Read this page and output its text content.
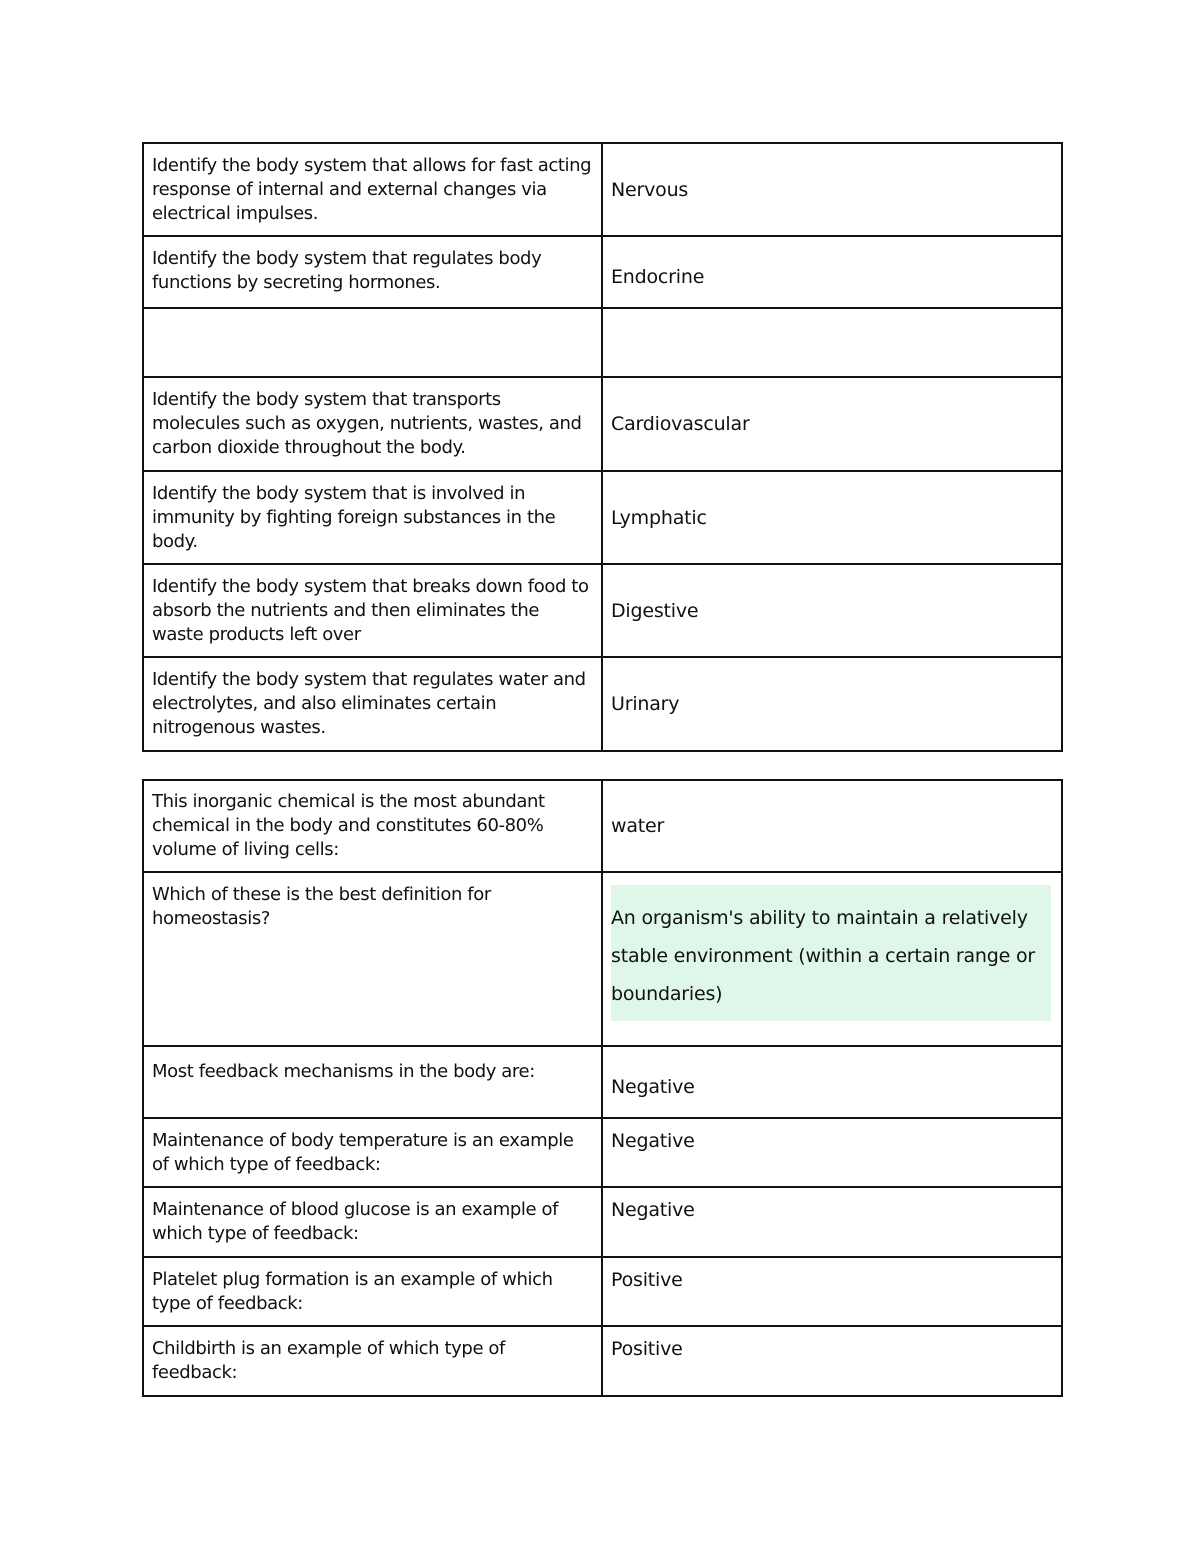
Identify the body system that allows for fast acting response of internal and external changes via electrical impulses.	Nervous
Identify the body system that regulates body functions by secreting hormones.	Endocrine

Identify the body system that transports molecules such as oxygen, nutrients, wastes, and carbon dioxide throughout the body.	Cardiovascular
Identify the body system that is involved in immunity by fighting foreign substances in the body.	Lymphatic
Identify the body system that breaks down food to absorb the nutrients and then eliminates the waste products left over	Digestive
Identify the body system that regulates water and electrolytes, and also eliminates certain nitrogenous wastes.	Urinary
This inorganic chemical is the most abundant chemical in the body and constitutes 60-80% volume of living cells:	water
Which of these is the best definition for homeostasis?	An organism's ability to maintain a relatively stable environment (within a certain range or boundaries)

Most feedback mechanisms in the body are:	Negative
Maintenance of body temperature is an example of which type of feedback:	Negative
Maintenance of blood glucose is an example of which type of feedback:	Negative
Platelet plug formation is an example of which type of feedback:	Positive
Childbirth is an example of which type of feedback:	Positive
